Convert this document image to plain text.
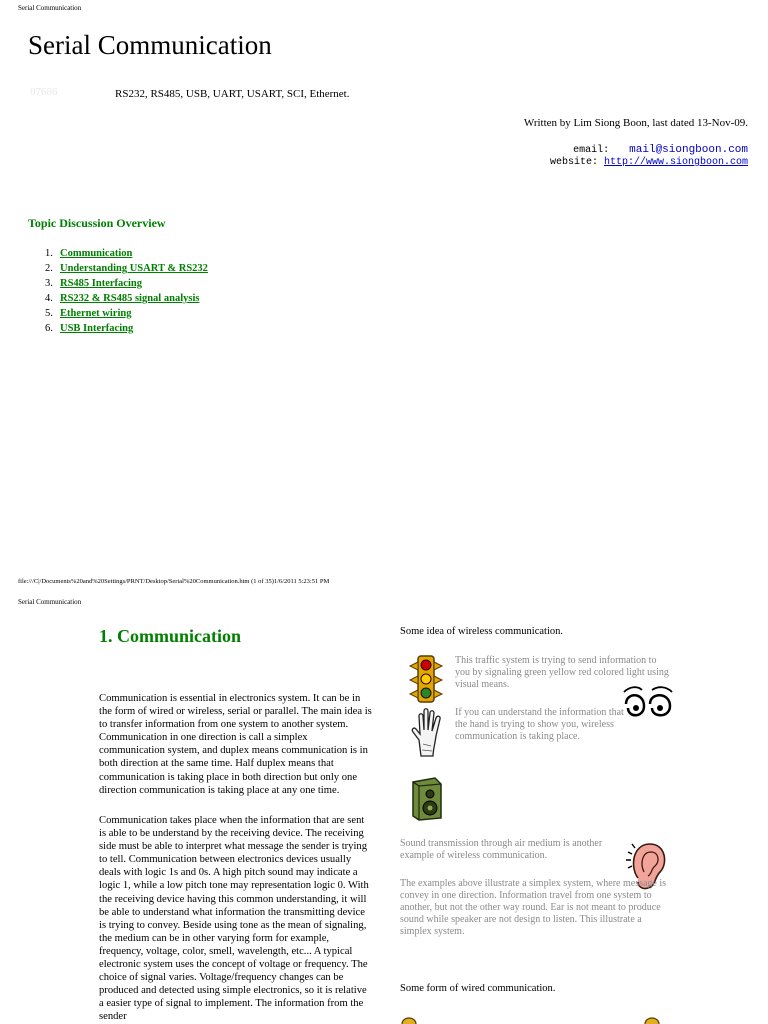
Serial Communication
Serial Communication
07686	RS232, RS485, USB, UART, USART, SCI, Ethernet.
Written by Lim Siong Boon, last dated 13-Nov-09.
email: mail@siongboon.com
website: http://www.siongboon.com
Topic Discussion Overview
1. Communication
2. Understanding USART & RS232
3. RS485 Interfacing
4. RS232 & RS485 signal analysis
5. Ethernet wiring
6. USB Interfacing
file:///C|/Documents%20and%20Settings/PRNT/Desktop/Serial%20Communication.htm (1 of 35)1/6/2011 5:23:51 PM
Serial Communication
1. Communication

Communication is essential in electronics system. It can be in the form of wired or wireless, serial or parallel. The main idea is to transfer information from one system to another system. Communication in one direction is call a simplex communication system, and duplex means communication is in both direction at the same time. Half duplex means that communication is taking place in both direction but only one direction communication is taking place at any one time.

Communication takes place when the information that are sent is able to be understand by the receiving device. The receiving side must be able to interpret what message the sender is trying to tell. Communication between electronics devices usually deals with logic 1s and 0s. A high pitch sound may indicate a logic 1, while a low pitch tone may representation logic 0. With the receiving device having this common understanding, it will be able to understand what information the transmitting device is trying to convey. Beside using tone as the mean of signaling, the medium can be in other varying form for example, frequency, voltage, color, smell, wavelength, etc... A typical electronic system uses the concept of voltage or frequency. The choice of signal varies. Voltage/frequency changes can be produced and detected using simple electronics, so it is relative a easier type of signal to implement. The information from the sender

Some idea of wireless communication.

This traffic system is trying to send information to you by signaling green yellow red colored light using visual means.

If you can understand the information that the hand is trying to show you, wireless communication is taking place.

Sound transmission through air medium is another example of wireless communication.

The examples above illustrate a simplex system, where message is convey in one direction. Information travel from one system to another, but not the other way round. Ear is not meant to produce sound while speaker are not design to listen. This illustrate a simplex system.

Some form of wired communication.
